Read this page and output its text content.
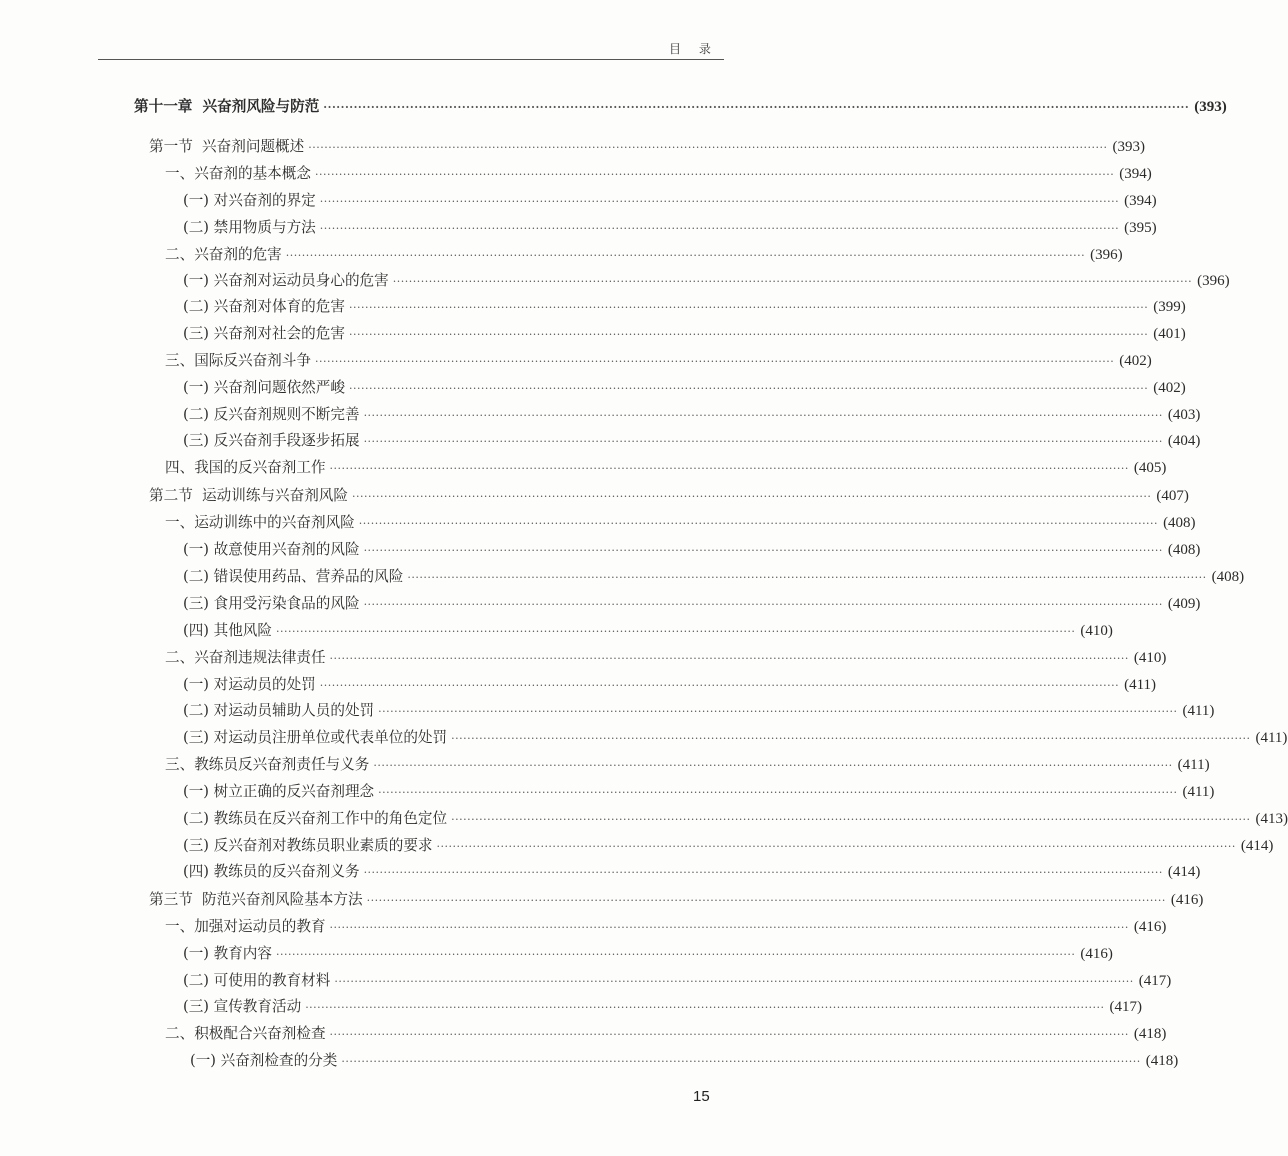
目 录
第十一章  兴奋剂风险与防范 ········································································································································································································ (393)
第一节  兴奋剂问题概述 ········································································································································································································ (393)
一、兴奋剂的基本概念 ········································································································································································································ (394)
(一) 对兴奋剂的界定 ········································································································································································································ (394)
(二) 禁用物质与方法 ········································································································································································································ (395)
二、兴奋剂的危害 ········································································································································································································ (396)
(一) 兴奋剂对运动员身心的危害 ········································································································································································································ (396)
(二) 兴奋剂对体育的危害 ········································································································································································································ (399)
(三) 兴奋剂对社会的危害 ········································································································································································································ (401)
三、国际反兴奋剂斗争 ········································································································································································································ (402)
(一) 兴奋剂问题依然严峻 ········································································································································································································ (402)
(二) 反兴奋剂规则不断完善 ········································································································································································································ (403)
(三) 反兴奋剂手段逐步拓展 ········································································································································································································ (404)
四、我国的反兴奋剂工作 ········································································································································································································ (405)
第二节  运动训练与兴奋剂风险 ········································································································································································································ (407)
一、运动训练中的兴奋剂风险 ········································································································································································································ (408)
(一) 故意使用兴奋剂的风险 ········································································································································································································ (408)
(二) 错误使用药品、营养品的风险 ········································································································································································································ (408)
(三) 食用受污染食品的风险 ········································································································································································································ (409)
(四) 其他风险 ········································································································································································································ (410)
二、兴奋剂违规法律责任 ········································································································································································································ (410)
(一) 对运动员的处罚 ········································································································································································································ (411)
(二) 对运动员辅助人员的处罚 ········································································································································································································ (411)
(三) 对运动员注册单位或代表单位的处罚 ········································································································································································································ (411)
三、教练员反兴奋剂责任与义务 ········································································································································································································ (411)
(一) 树立正确的反兴奋剂理念 ········································································································································································································ (411)
(二) 教练员在反兴奋剂工作中的角色定位 ········································································································································································································ (413)
(三) 反兴奋剂对教练员职业素质的要求 ········································································································································································································ (414)
(四) 教练员的反兴奋剂义务 ········································································································································································································ (414)
第三节  防范兴奋剂风险基本方法 ········································································································································································································ (416)
一、加强对运动员的教育 ········································································································································································································ (416)
(一) 教育内容 ········································································································································································································ (416)
(二) 可使用的教育材料 ········································································································································································································ (417)
(三) 宣传教育活动 ········································································································································································································ (417)
二、积极配合兴奋剂检查 ········································································································································································································ (418)
(一) 兴奋剂检查的分类 ········································································································································································································ (418)
15
